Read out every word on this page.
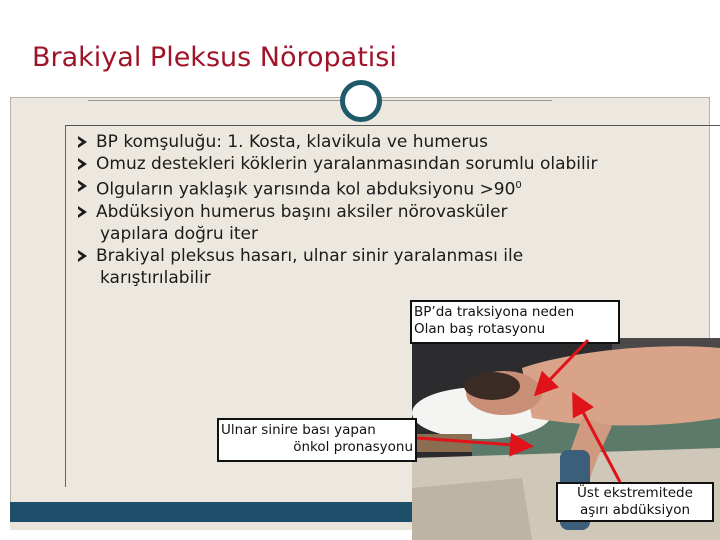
Brakiyal Pleksus Nöropatisi
BP komşuluğu: 1. Kosta, klavikula ve humerus
Omuz destekleri köklerin yaralanmasından sorumlu olabilir
Olguların yaklaşık yarısında kol abduksiyonu $>90^0$
Abdüksiyon humerus başını aksiler nörovasküler
yapılara doğru iter
Brakiyal pleksus hasarı, ulnar sinir yaralanması ile
karıştırılabilir
BP’da traksiyona neden
Olan baş rotasyonu
Ulnar sinire bası yapan
önkol pronasyonu
Üst ekstremitede
aşırı abdüksiyon
